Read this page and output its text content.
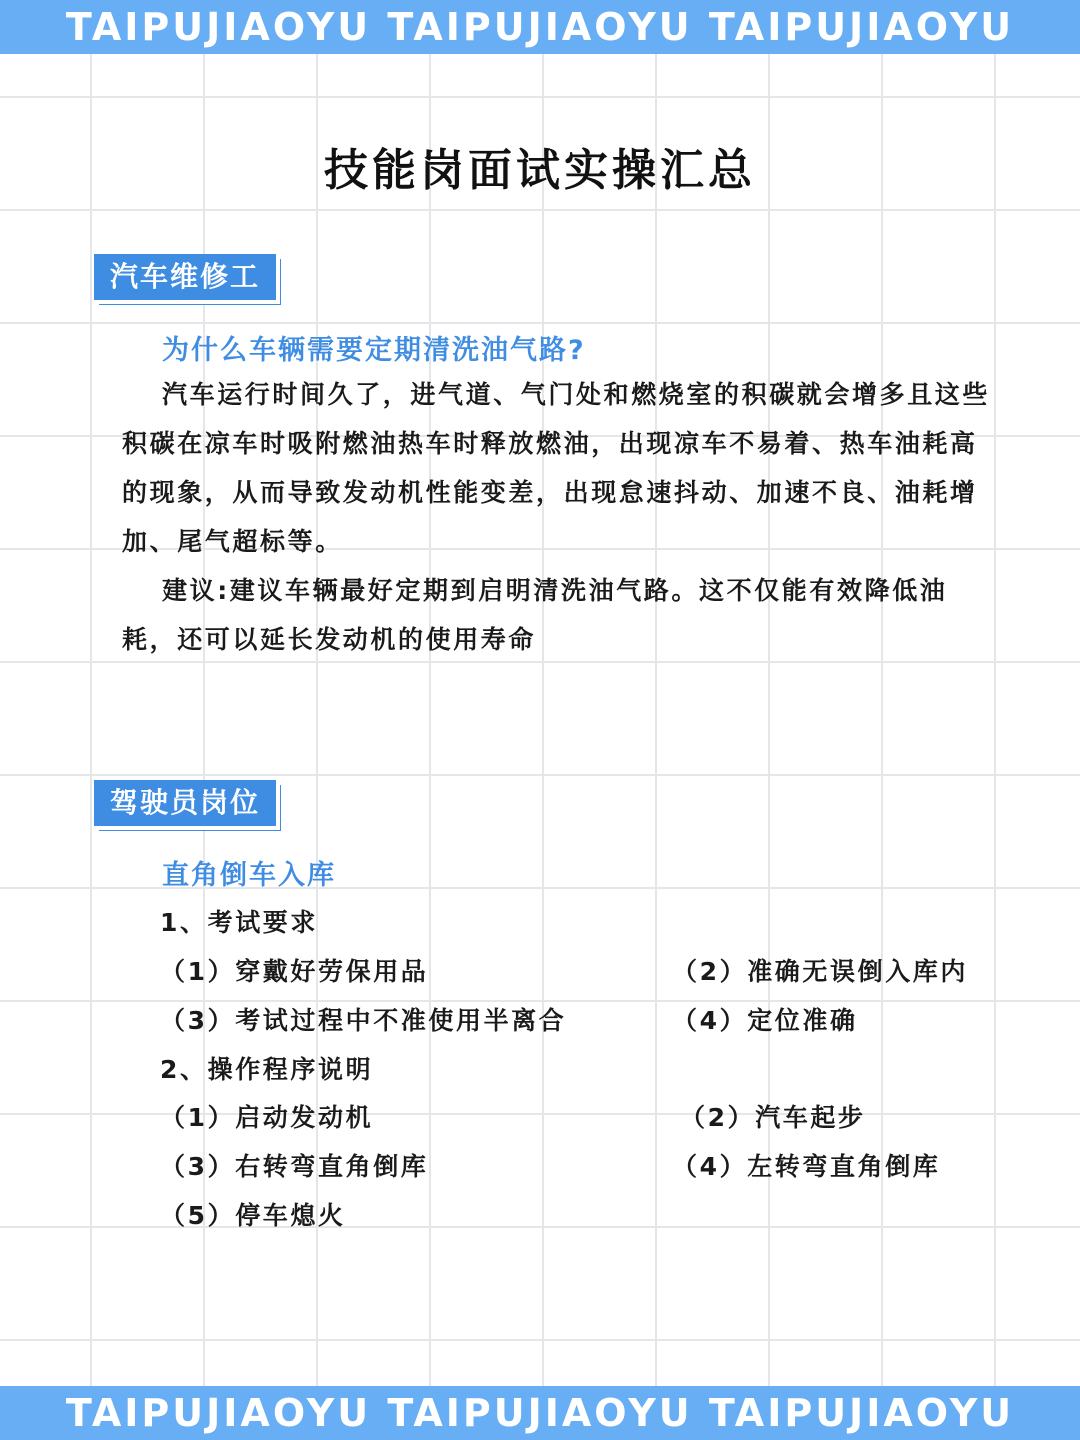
TAIPUJIAOYU TAIPUJIAOYU TAIPUJIAOYU
技能岗面试实操汇总
汽车维修工
为什么车辆需要定期清洗油气路?

汽车运行时间久了，进气道、气门处和燃烧室的积碳就会增多且这些积碳在凉车时吸附燃油热车时释放燃油，出现凉车不易着、热车油耗高的现象，从而导致发动机性能变差，出现怠速抖动、加速不良、油耗增加、尾气超标等。

建议:建议车辆最好定期到启明清洗油气路。这不仅能有效降低油耗，还可以延长发动机的使用寿命

驾驶员岗位
直角倒车入库
1、考试要求
（1）穿戴好劳保用品	（2）准确无误倒入库内
（3）考试过程中不准使用半离合	（4）定位准确
2、操作程序说明
（1）启动发动机	（2）汽车起步
（3）右转弯直角倒库	（4）左转弯直角倒库
（5）停车熄火
TAIPUJIAOYU TAIPUJIAOYU TAIPUJIAOYU
